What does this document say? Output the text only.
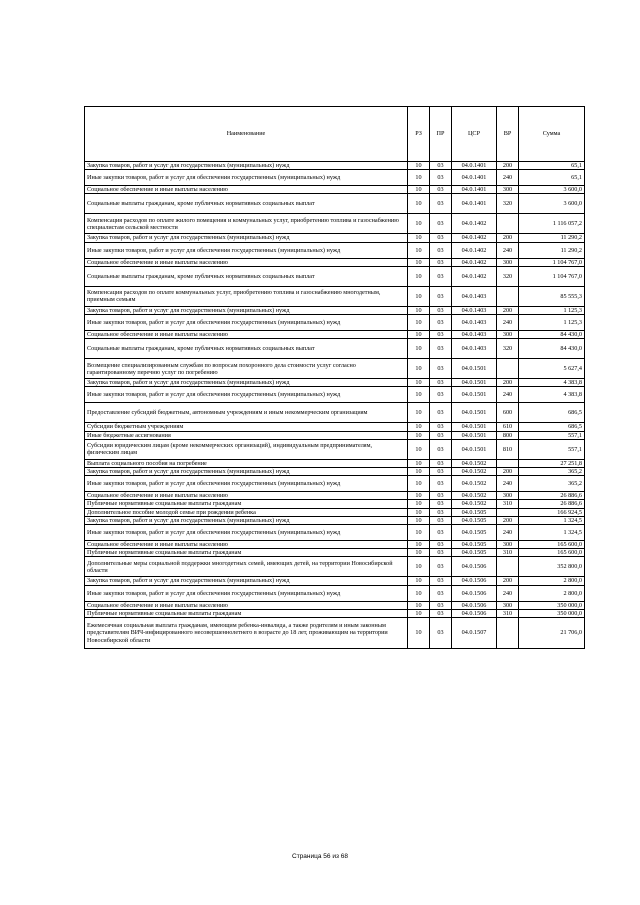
Наименование	РЗ	ПР	ЦСР	ВР	Сумма
Закупка товаров, работ и услуг для государственных (муниципальных) нужд	10	03	04.0.1401	200	65,1
Иные закупки товаров, работ и услуг для обеспечения государственных (муниципальных) нужд	10	03	04.0.1401	240	65,1
Социальное обеспечение и иные выплаты населению	10	03	04.0.1401	300	3 600,0
Социальные выплаты гражданам, кроме публичных нормативных социальных выплат	10	03	04.0.1401	320	3 600,0
Компенсация расходов по оплате жилого помещения и коммунальных услуг, приобретению топлива и газоснабжению специалистам сельской местности	10	03	04.0.1402		1 116 057,2
Закупка товаров, работ и услуг для государственных (муниципальных) нужд	10	03	04.0.1402	200	11 290,2
Иные закупки товаров, работ и услуг для обеспечения государственных (муниципальных) нужд	10	03	04.0.1402	240	11 290,2
Социальное обеспечение и иные выплаты населению	10	03	04.0.1402	300	1 104 767,0
Социальные выплаты гражданам, кроме публичных нормативных социальных выплат	10	03	04.0.1402	320	1 104 767,0
Компенсация расходов по оплате коммунальных услуг, приобретению топлива и газоснабжению многодетным, приемным семьям	10	03	04.0.1403		85 555,3
Закупка товаров, работ и услуг для государственных (муниципальных) нужд	10	03	04.0.1403	200	1 125,3
Иные закупки товаров, работ и услуг для обеспечения государственных (муниципальных) нужд	10	03	04.0.1403	240	1 125,3
Социальное обеспечение и иные выплаты населению	10	03	04.0.1403	300	84 430,0
Социальные выплаты гражданам, кроме публичных нормативных социальных выплат	10	03	04.0.1403	320	84 430,0
Возмещение специализированным службам по вопросам похоронного дела стоимости услуг согласно гарантированному перечню услуг по погребению	10	03	04.0.1501		5 627,4
Закупка товаров, работ и услуг для государственных (муниципальных) нужд	10	03	04.0.1501	200	4 383,8
Иные закупки товаров, работ и услуг для обеспечения государственных (муниципальных) нужд	10	03	04.0.1501	240	4 383,8
Предоставление субсидий бюджетным, автономным учреждениям и иным некоммерческим организациям	10	03	04.0.1501	600	686,5
Субсидии бюджетным учреждениям	10	03	04.0.1501	610	686,5
Иные бюджетные ассигнования	10	03	04.0.1501	800	557,1
Субсидии юридическим лицам (кроме некоммерческих организаций), индивидуальным предпринимателям, физическим лицам	10	03	04.0.1501	810	557,1
Выплата социального пособия на погребение	10	03	04.0.1502		27 251,8
Закупка товаров, работ и услуг для государственных (муниципальных) нужд	10	03	04.0.1502	200	365,2
Иные закупки товаров, работ и услуг для обеспечения государственных (муниципальных) нужд	10	03	04.0.1502	240	365,2
Социальное обеспечение и иные выплаты населению	10	03	04.0.1502	300	26 886,6
Публичные нормативные социальные выплаты гражданам	10	03	04.0.1502	310	26 886,6
Дополнительное пособие молодой семье при рождении ребенка	10	03	04.0.1505		166 924,5
Закупка товаров, работ и услуг для государственных (муниципальных) нужд	10	03	04.0.1505	200	1 324,5
Иные закупки товаров, работ и услуг для обеспечения государственных (муниципальных) нужд	10	03	04.0.1505	240	1 324,5
Социальное обеспечение и иные выплаты населению	10	03	04.0.1505	300	165 600,0
Публичные нормативные социальные выплаты гражданам	10	03	04.0.1505	310	165 600,0
Дополнительные меры социальной поддержки многодетных семей, имеющих детей, на территории Новосибирской области	10	03	04.0.1506		352 800,0
Закупка товаров, работ и услуг для государственных (муниципальных) нужд	10	03	04.0.1506	200	2 800,0
Иные закупки товаров, работ и услуг для обеспечения государственных (муниципальных) нужд	10	03	04.0.1506	240	2 800,0
Социальное обеспечение и иные выплаты населению	10	03	04.0.1506	300	350 000,0
Публичные нормативные социальные выплаты гражданам	10	03	04.0.1506	310	350 000,0
Ежемесячная социальная выплата гражданам, имеющим ребенка-инвалида, а также родителям и иным законным представителям ВИЧ-инфицированного несовершеннолетнего в возрасте до 18 лет, проживающим на территории Новосибирской области	10	03	04.0.1507		21 706,0
Страница 56 из 68
